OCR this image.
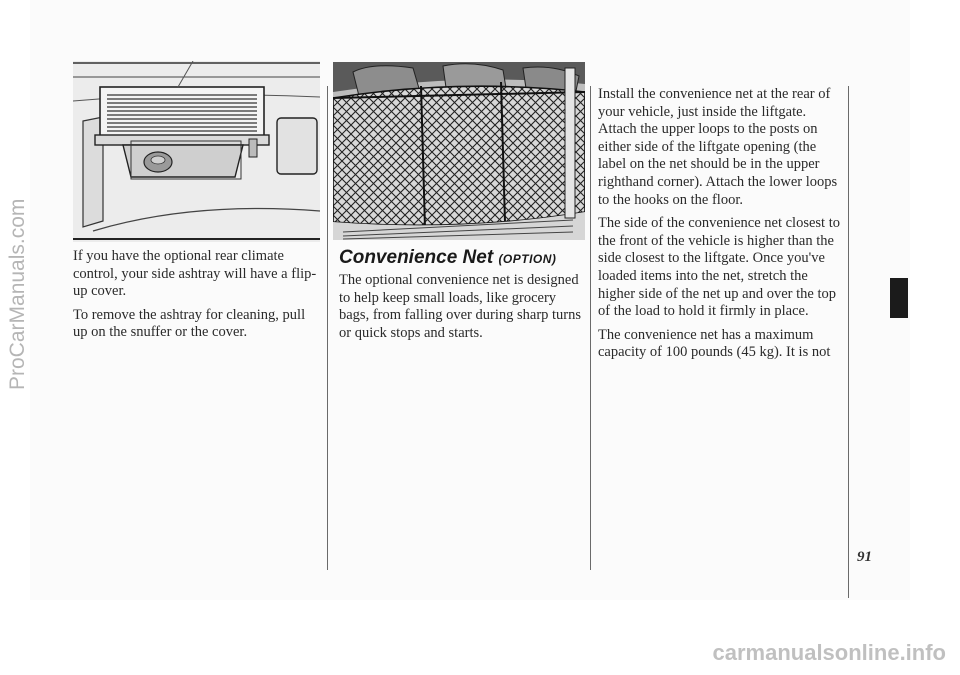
If you have the optional rear climate control, your side ashtray will have a flip-up cover.

To remove the ashtray for cleaning, pull up on the snuffer or the cover.

Convenience Net (OPTION)

The optional convenience net is designed to help keep small loads, like grocery bags, from falling over during sharp turns or quick stops and starts.

Install the convenience net at the rear of your vehicle, just inside the liftgate. Attach the upper loops to the posts on either side of the liftgate opening (the label on the net should be in the upper righthand corner). Attach the lower loops to the hooks on the floor.

The side of the convenience net closest to the front of the vehicle is higher than the side closest to the liftgate. Once you've loaded items into the net, stretch the higher side of the net up and over the top of the load to hold it firmly in place.

The convenience net has a maximum capacity of 100 pounds (45 kg). It is not

91
ProCarManuals.com
carmanualsonline.info
